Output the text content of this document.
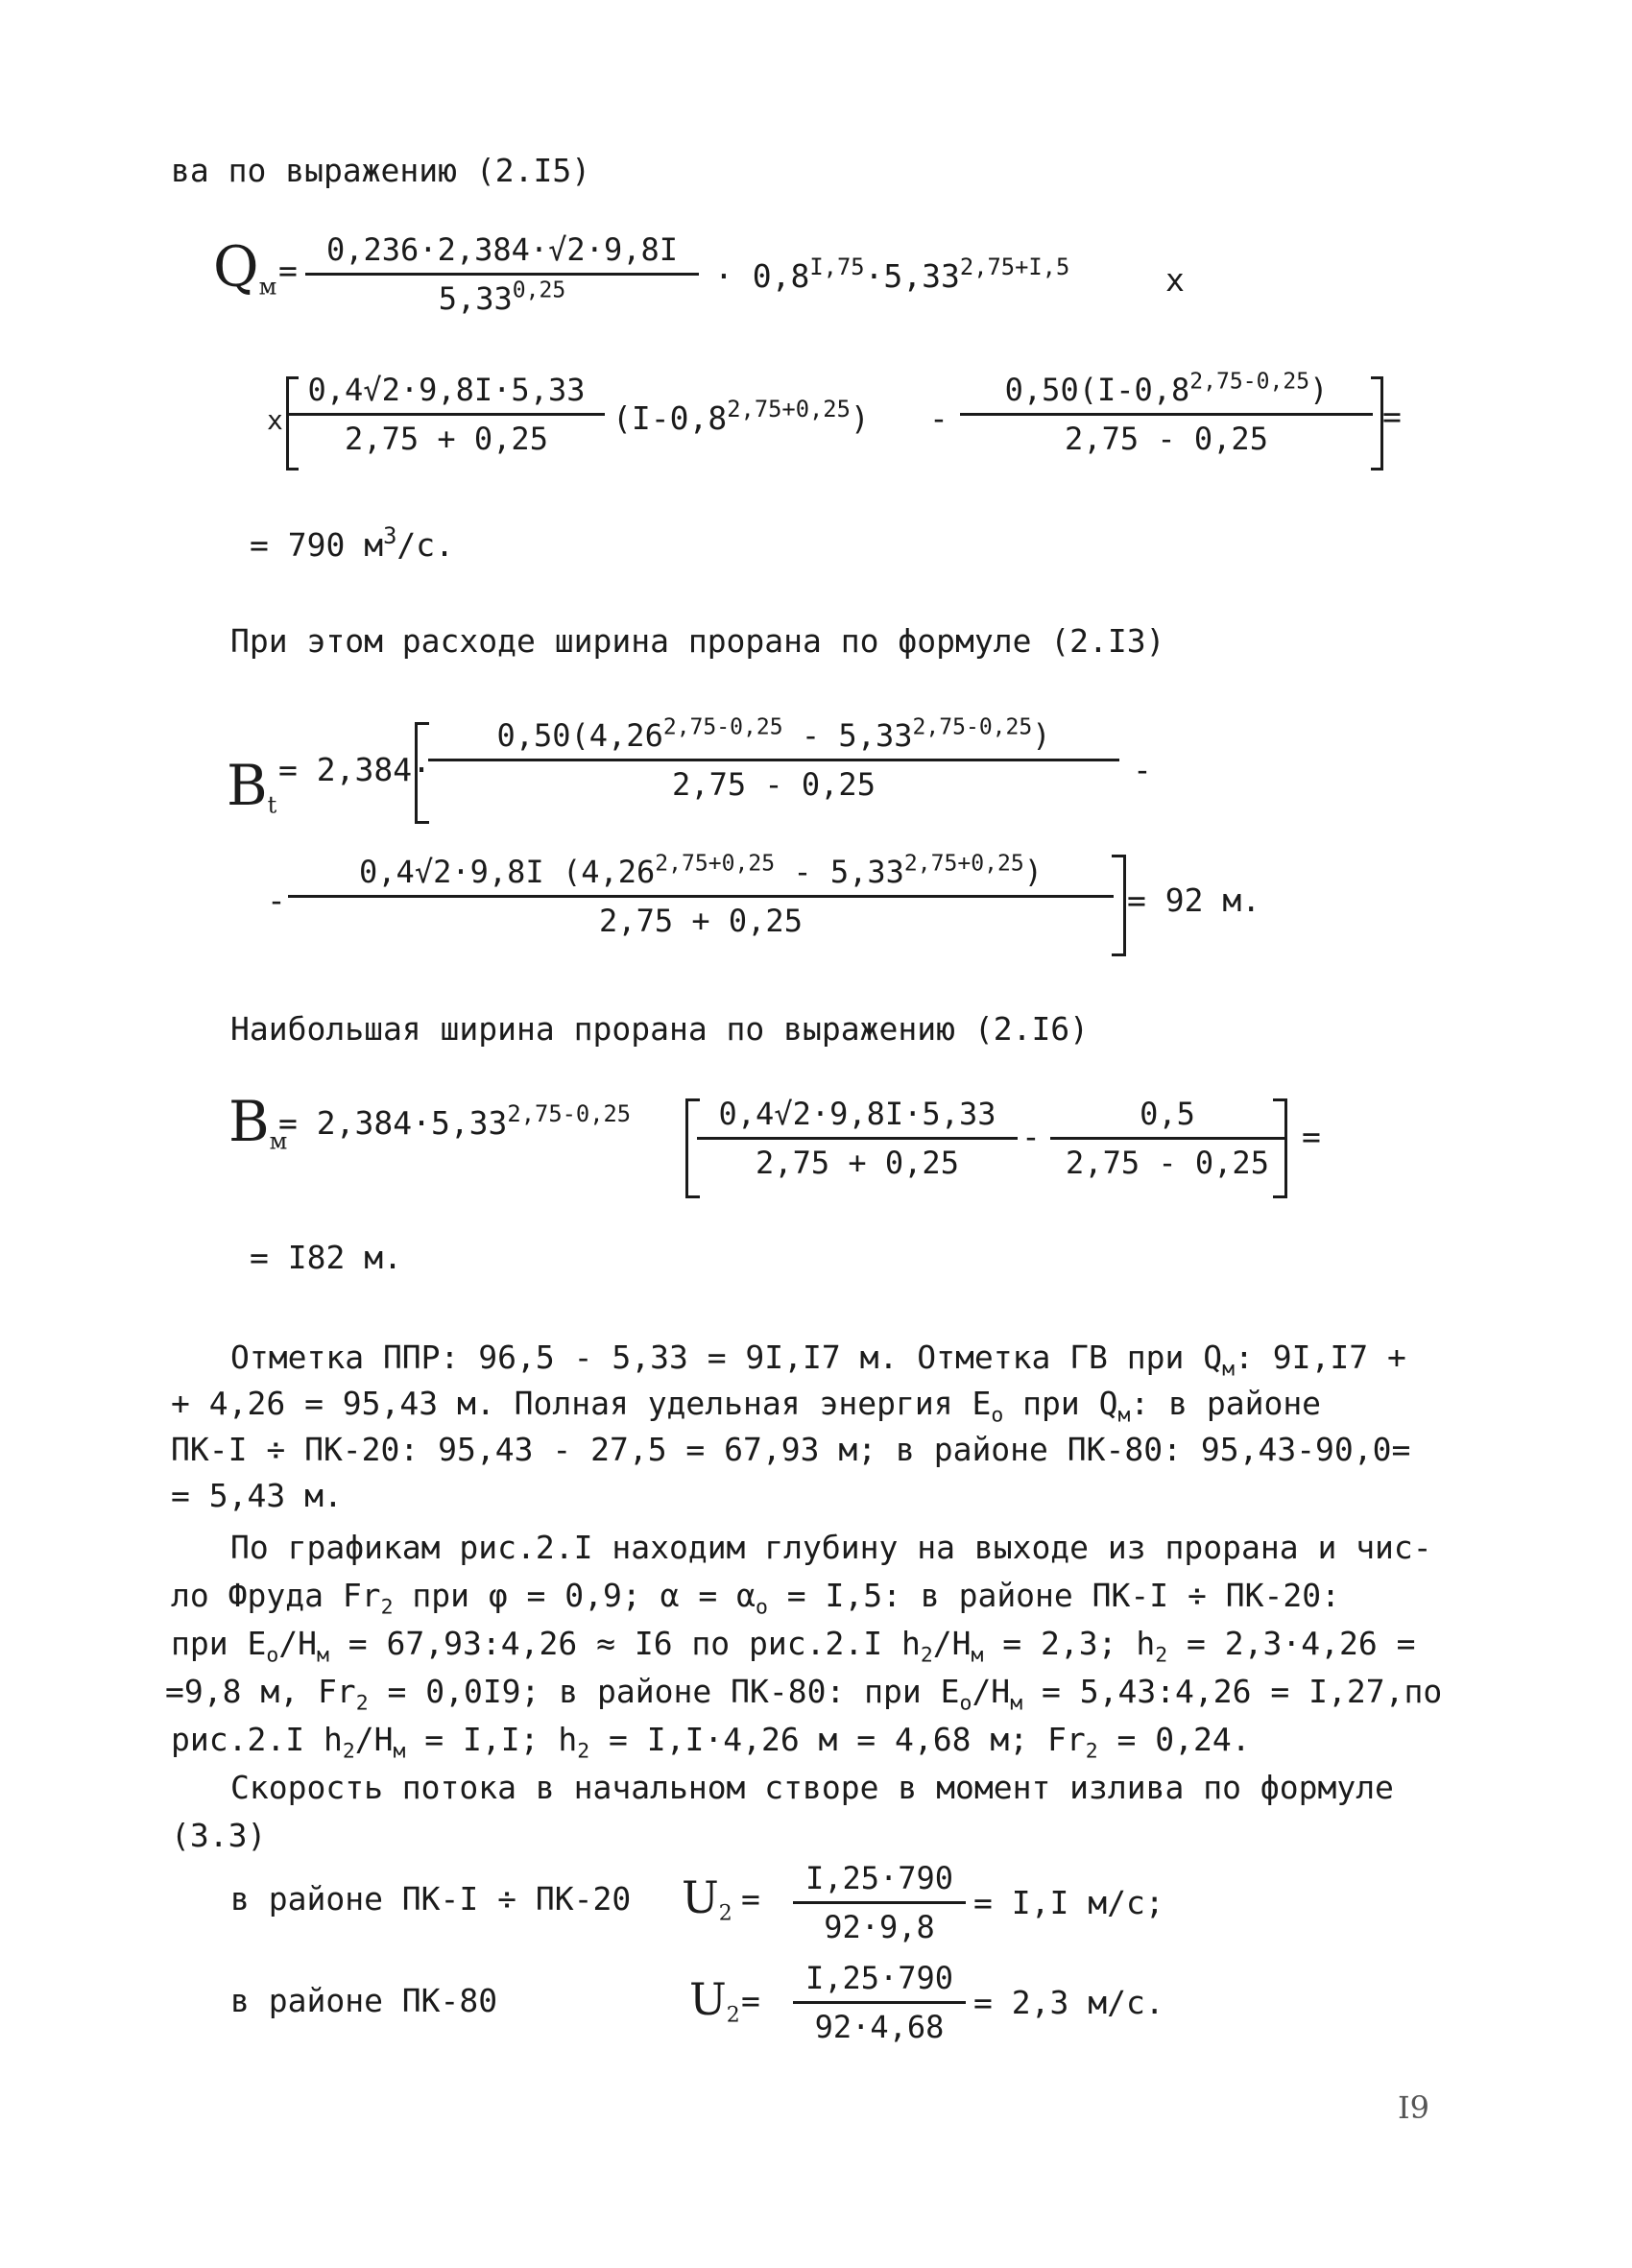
ва по выражению (2.I5)
$Q_м = \frac{0,236\cdot 2,384\cdot√2\cdot 9,8I}{5,33^{0,25}} \cdot 0,8^{I,75}\cdot 5,33^{2,75+I,5}$	x
x $\frac{0,4√2\cdot 9,8I\cdot 5,33}{2,75 + 0,25} (I-0,8^{2,75+0,25}) - \frac{0,50(I-0,8^{2,75-0,25})}{2,75 - 0,25}$ =
= 790 $м^3/с$.
При этом расходе ширина прорана по формуле (2.I3)
$B_t$
= 2,384·
$\frac{0,50(4,26^{2,75-0,25} - 5,33^{2,75-0,25})}{2,75 - 0,25}$ -
- $\frac{0,4√2\cdot 9,8I (4,26^{2,75+0,25} - 5,33^{2,75+0,25})}{2,75 + 0,25} = 92$ м.
Наибольшая ширина прорана по выражению (2.I6)
$B_м$
= $2,384\cdot 5,33^{2,75-0,25} \frac{0,4√2\cdot 9,8I\cdot 5,33}{2,75 + 0,25} - \frac{0,5}{2,75 - 0,25}$ =
= I82 м.
Отметка ППР: 96,5 - 5,33 = 9I,I7 м. Отметка ГВ при $Q_м$: 9I,I7 +
+ 4,26 = 95,43 м. Полная удельная энергия $E_о$ при $Q_м$: в районе
ПК-I ÷ ПК-20: 95,43 - 27,5 = 67,93 м; в районе ПК-80: 95,43-90,0=
= 5,43 м.
По графикам рис.2.I находим глубину на выходе из прорана и чис-
ло Фруда $Fr_2$ при φ = 0,9; $\alpha = \alpha_o = I,5$: в районе ПК-I ÷ ПК-20:
при $E_о/H_м$ = 67,93:4,26 ≈ I6 по рис.2.I $h_2/H_м = 2,3$; $h_2 = 2,3\cdot 4,26$ =
=9,8 м, $Fr_2 = 0,0I9$; в районе ПК-80: при $E_о/H_м$ = 5,43:4,26 = I,27,по
рис.2.I $h_2/H_м = I,I$; $h_2 = I,I\cdot 4,26$ м = 4,68 м; $Fr_2 = 0,24$.
Скорость потока в начальном створе в момент излива по формуле
(3.3)
в районе ПК-I ÷ ПК-20 $U_2 = \frac{I,25\cdot 790}{92\cdot 9,8} = I,I$ м/с;
в районе ПК-80	$U_2 = \frac{I,25\cdot 790}{92\cdot 4,68} = 2,3$ м/с.
I9
